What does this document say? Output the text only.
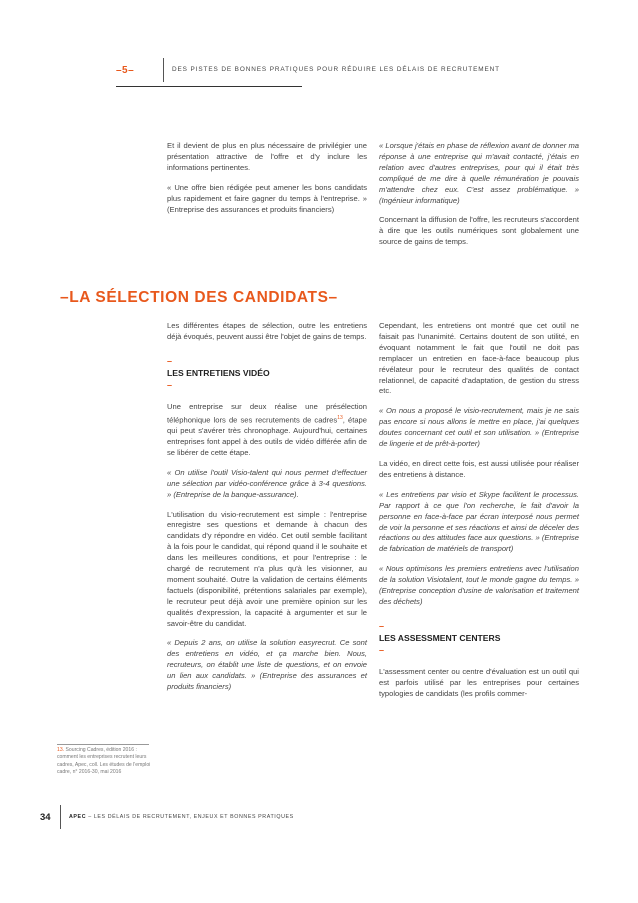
–5–	DES PISTES DE BONNES PRATIQUES POUR RÉDUIRE LES DÉLAIS DE RECRUTEMENT

Et il devient de plus en plus nécessaire de privilégier une présentation attractive de l'offre et d'y inclure les informations pertinentes.

« Une offre bien rédigée peut amener les bons candidats plus rapidement et faire gagner du temps à l'entreprise. » (Entreprise des assurances et produits financiers)

« Lorsque j'étais en phase de réflexion avant de donner ma réponse à une entreprise qui m'avait contacté, j'étais en relation avec d'autres entreprises, pour qui il était très compliqué de me dire à quelle rémunération je pouvais m'attendre chez eux. C'est assez problématique. » (Ingénieur informatique)

Concernant la diffusion de l'offre, les recruteurs s'accordent à dire que les outils numériques sont globalement une source de gains de temps.

–LA SÉLECTION DES CANDIDATS–

Les différentes étapes de sélection, outre les entretiens déjà évoqués, peuvent aussi être l'objet de gains de temps.

–
LES ENTRETIENS VIDÉO
–

Une entreprise sur deux réalise une présélection téléphonique lors de ses recrutements de cadres$^{13}$, étape qui peut s'avérer très chronophage. Aujourd'hui, certaines entreprises font appel à des outils de vidéo différée afin de se libérer de cette étape.

« On utilise l'outil Visio-talent qui nous permet d'effectuer une sélection par vidéo-conférence grâce à 3-4 questions. » (Entreprise de la banque-assurance).

L'utilisation du visio-recrutement est simple : l'entreprise enregistre ses questions et demande à chacun des candidats d'y répondre en vidéo. Cet outil semble facilitant à la fois pour le candidat, qui répond quand il le souhaite et dans les meilleures conditions, et pour l'entreprise : le chargé de recrutement n'a plus qu'à les visionner, au moment souhaité. Outre la validation de certains éléments factuels (disponibilité, prétentions salariales par exemple), le recruteur peut déjà avoir une première opinion sur les qualités d'expression, la capacité à argumenter et sur le savoir-être du candidat.

« Depuis 2 ans, on utilise la solution easyrecrut. Ce sont des entretiens en vidéo, et ça marche bien. Nous, recruteurs, on établit une liste de questions, et on envoie un lien aux candidats. » (Entreprise des assurances et produits financiers)

Cependant, les entretiens ont montré que cet outil ne faisait pas l'unanimité. Certains doutent de son utilité, en évoquant notamment le fait que l'outil ne doit pas remplacer un entretien en face-à-face beaucoup plus révélateur pour le recruteur des qualités de contact relationnel, de capacité d'adaptation, de gestion du stress etc.

« On nous a proposé le visio-recrutement, mais je ne sais pas encore si nous allons le mettre en place, j'ai quelques doutes concernant cet outil et son utilisation. » (Entreprise de lingerie et de prêt-à-porter)

La vidéo, en direct cette fois, est aussi utilisée pour réaliser des entretiens à distance.

« Les entretiens par visio et Skype facilitent le processus. Par rapport à ce que l'on recherche, le fait d'avoir la personne en face-à-face par écran interposé nous permet de voir la personne et ses réactions et ainsi de déceler des réactions ou des attitudes face aux questions. » (Entreprise de fabrication de matériels de transport)

« Nous optimisons les premiers entretiens avec l'utilisation de la solution Visiotalent, tout le monde gagne du temps. » (Entreprise conception d'usine de valorisation et traitement des déchets)

–
LES ASSESSMENT CENTERS
–

L'assessment center ou centre d'évaluation est un outil qui est parfois utilisé par les entreprises pour certaines typologies de candidats (les profils commer-

13. Sourcing Cadres, édition 2016 : comment les entreprises recrutent leurs cadres, Apec, coll. Les études de l'emploi cadre, n° 2016-30, mai 2016
34	APEC – LES DÉLAIS DE RECRUTEMENT, ENJEUX ET BONNES PRATIQUES
